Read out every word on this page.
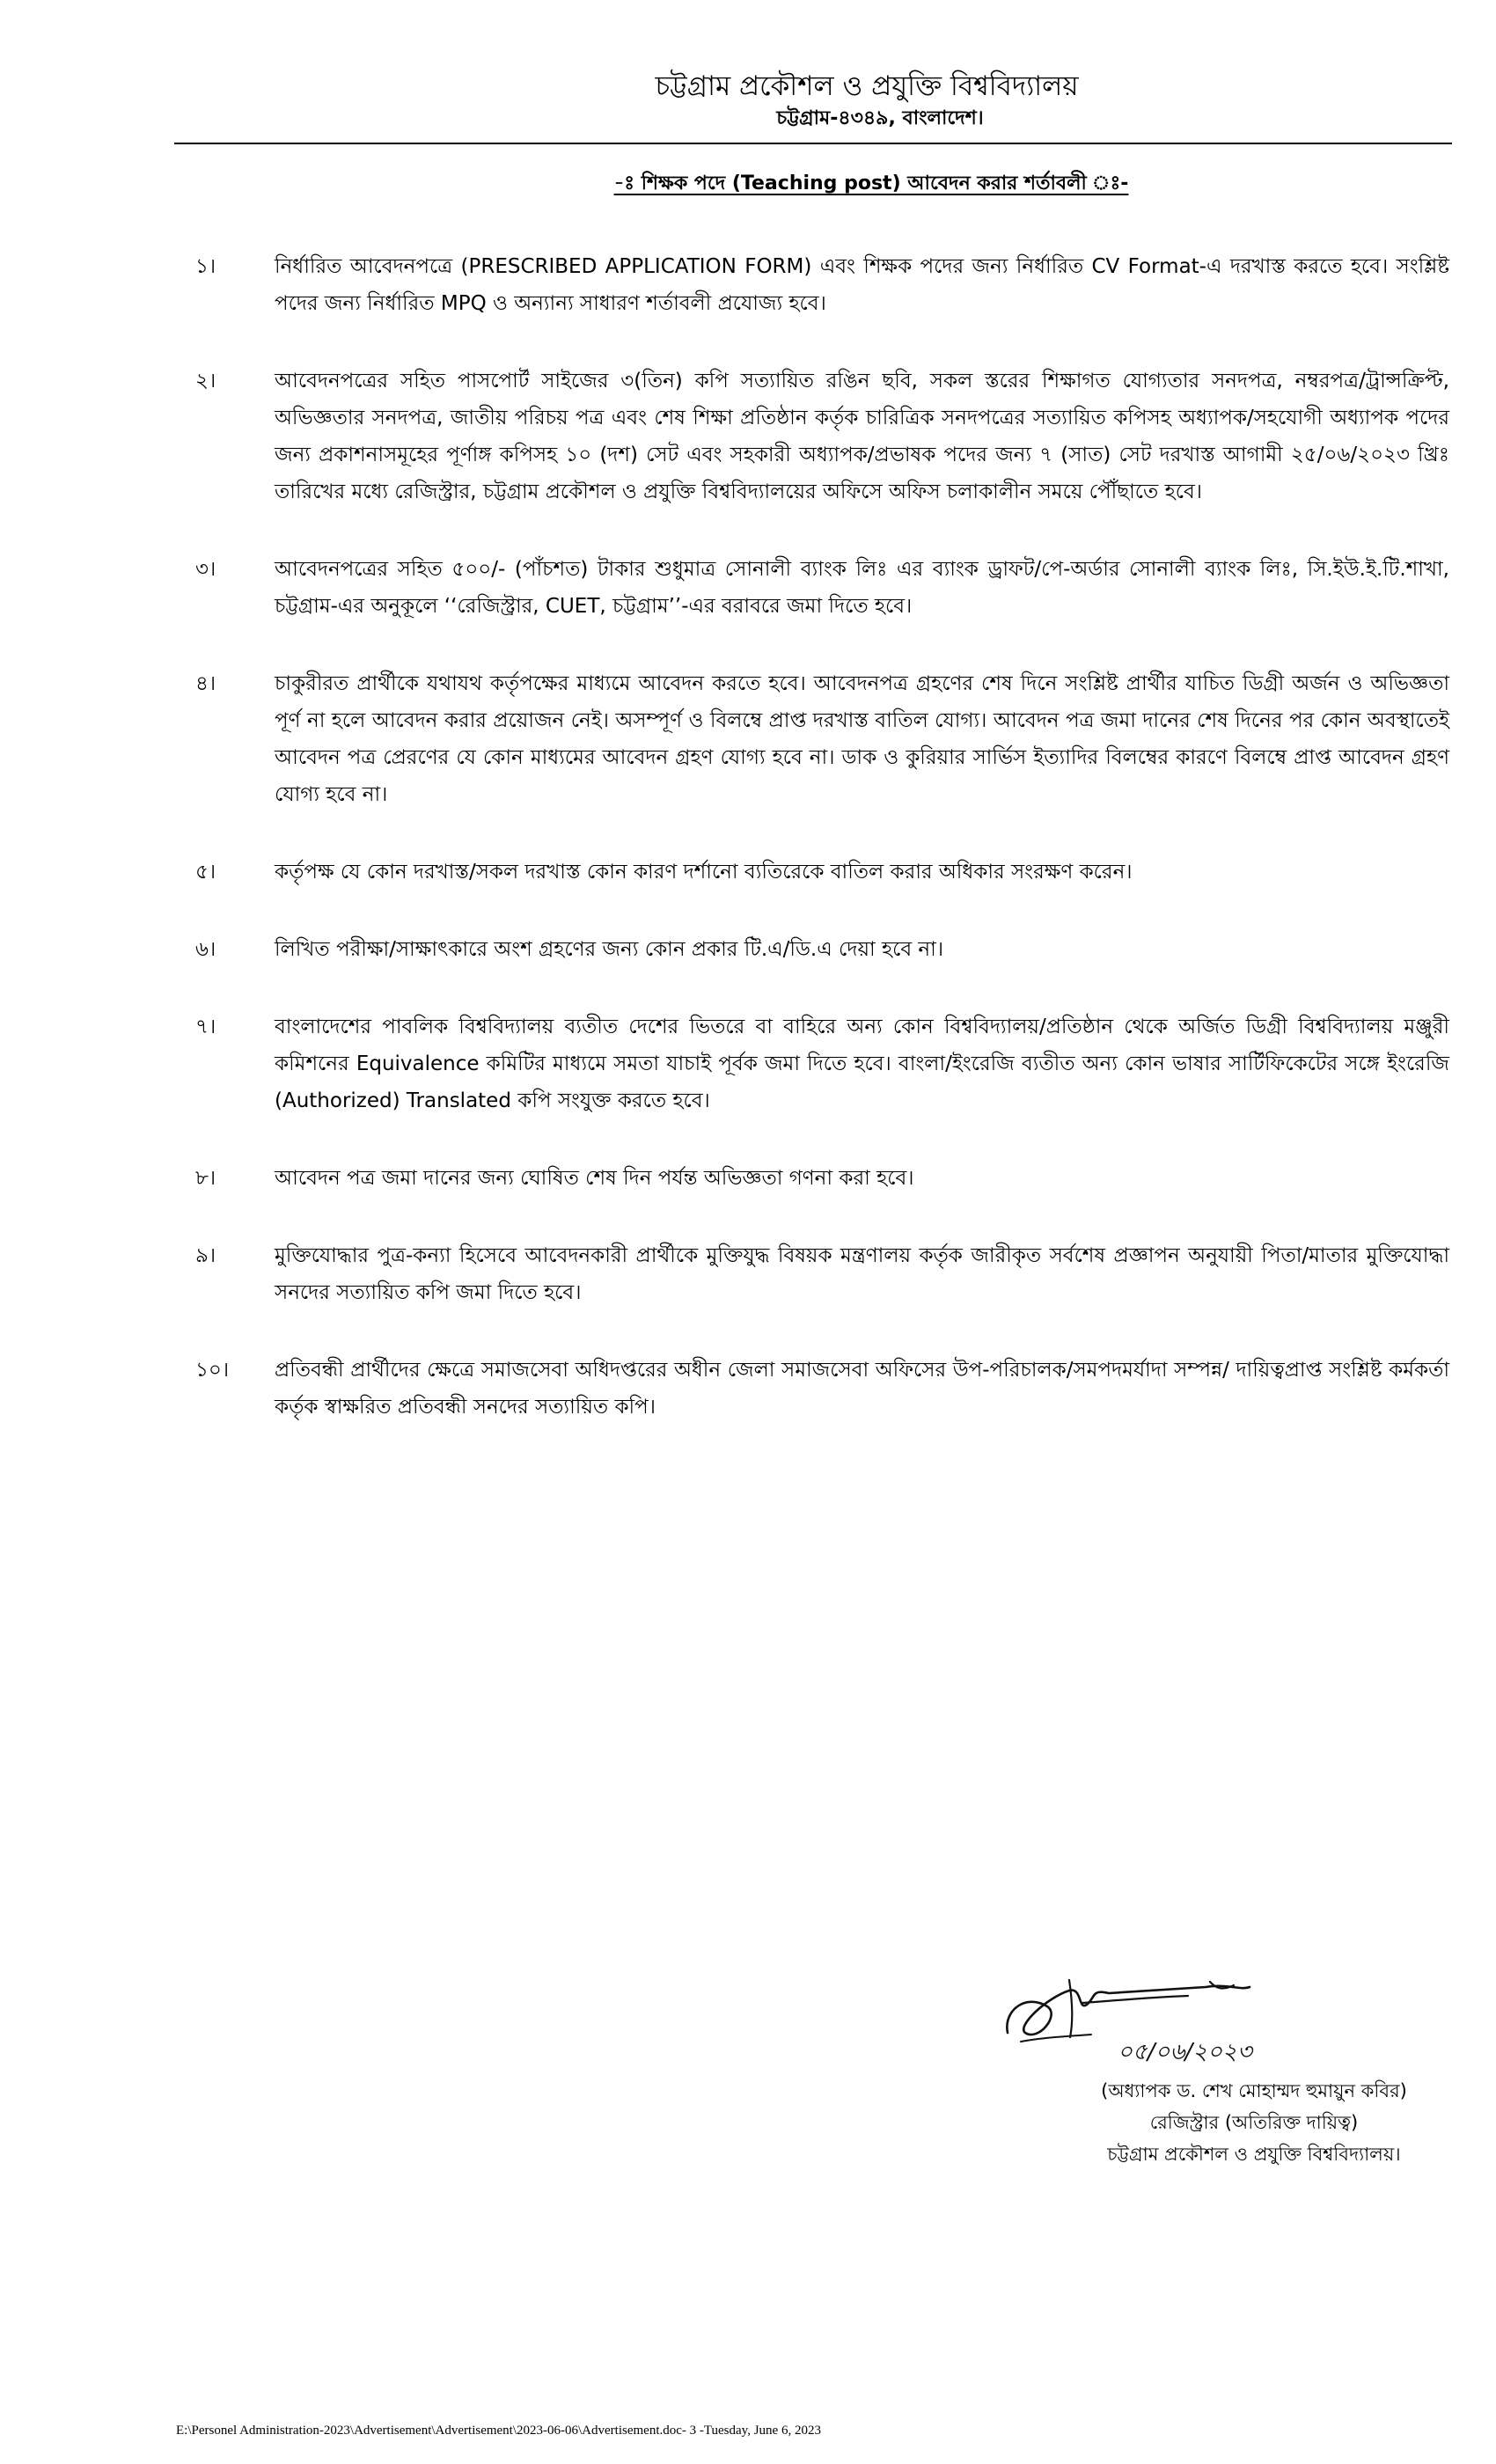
চট্টগ্রাম প্রকৌশল ও প্রযুক্তি বিশ্ববিদ্যালয়
চট্টগ্রাম-৪৩৪৯, বাংলাদেশ।
-ঃ শিক্ষক পদে (Teaching post) আবেদন করার শর্তাবলী ঃ-
১।	নির্ধারিত আবেদনপত্রে (PRESCRIBED APPLICATION FORM) এবং শিক্ষক পদের জন্য নির্ধারিত CV Format-এ দরখাস্ত করতে হবে। সংশ্লিষ্ট পদের জন্য নির্ধারিত MPQ ও অন্যান্য সাধারণ শর্তাবলী প্রযোজ্য হবে।
২।	আবেদনপত্রের সহিত পাসপোর্ট সাইজের ৩(তিন) কপি সত্যায়িত রঙিন ছবি, সকল স্তরের শিক্ষাগত যোগ্যতার সনদপত্র, নম্বরপত্র/ট্রান্সক্রিপ্ট, অভিজ্ঞতার সনদপত্র, জাতীয় পরিচয় পত্র এবং শেষ শিক্ষা প্রতিষ্ঠান কর্তৃক চারিত্রিক সনদপত্রের সত্যায়িত কপিসহ অধ্যাপক/সহযোগী অধ্যাপক পদের জন্য প্রকাশনাসমূহের পূর্ণাঙ্গ কপিসহ ১০ (দশ) সেট এবং সহকারী অধ্যাপক/প্রভাষক পদের জন্য ৭ (সাত) সেট দরখাস্ত আগামী ২৫/০৬/২০২৩ খ্রিঃ তারিখের মধ্যে রেজিস্ট্রার, চট্টগ্রাম প্রকৌশল ও প্রযুক্তি বিশ্ববিদ্যালয়ের অফিসে অফিস চলাকালীন সময়ে পৌঁছাতে হবে।
৩।	আবেদনপত্রের সহিত ৫০০/- (পাঁচশত) টাকার শুধুমাত্র সোনালী ব্যাংক লিঃ এর ব্যাংক ড্রাফট/পে-অর্ডার সোনালী ব্যাংক লিঃ, সি.ইউ.ই.টি.শাখা, চট্টগ্রাম-এর অনুকূলে ‘‘রেজিস্ট্রার, CUET, চট্টগ্রাম’’-এর বরাবরে জমা দিতে হবে।
৪।	চাকুরীরত প্রার্থীকে যথাযথ কর্তৃপক্ষের মাধ্যমে আবেদন করতে হবে। আবেদনপত্র গ্রহণের শেষ দিনে সংশ্লিষ্ট প্রার্থীর যাচিত ডিগ্রী অর্জন ও অভিজ্ঞতা পূর্ণ না হলে আবেদন করার প্রয়োজন নেই। অসম্পূর্ণ ও বিলম্বে প্রাপ্ত দরখাস্ত বাতিল যোগ্য। আবেদন পত্র জমা দানের শেষ দিনের পর কোন অবস্থাতেই আবেদন পত্র প্রেরণের যে কোন মাধ্যমের আবেদন গ্রহণ যোগ্য হবে না। ডাক ও কুরিয়ার সার্ভিস ইত্যাদির বিলম্বের কারণে বিলম্বে প্রাপ্ত আবেদন গ্রহণ যোগ্য হবে না।
৫।	কর্তৃপক্ষ যে কোন দরখাস্ত/সকল দরখাস্ত কোন কারণ দর্শানো ব্যতিরেকে বাতিল করার অধিকার সংরক্ষণ করেন।
৬।	লিখিত পরীক্ষা/সাক্ষাৎকারে অংশ গ্রহণের জন্য কোন প্রকার টি.এ/ডি.এ দেয়া হবে না।
৭।	বাংলাদেশের পাবলিক বিশ্ববিদ্যালয় ব্যতীত দেশের ভিতরে বা বাহিরে অন্য কোন বিশ্ববিদ্যালয়/প্রতিষ্ঠান থেকে অর্জিত ডিগ্রী বিশ্ববিদ্যালয় মঞ্জুরী কমিশনের Equivalence কমিটির মাধ্যমে সমতা যাচাই পূর্বক জমা দিতে হবে। বাংলা/ইংরেজি ব্যতীত অন্য কোন ভাষার সার্টিফিকেটের সঙ্গে ইংরেজি (Authorized) Translated কপি সংযুক্ত করতে হবে।
৮।	আবেদন পত্র জমা দানের জন্য ঘোষিত শেষ দিন পর্যন্ত অভিজ্ঞতা গণনা করা হবে।
৯।	মুক্তিযোদ্ধার পুত্র-কন্যা হিসেবে আবেদনকারী প্রার্থীকে মুক্তিযুদ্ধ বিষয়ক মন্ত্রণালয় কর্তৃক জারীকৃত সর্বশেষ প্রজ্ঞাপন অনুযায়ী পিতা/মাতার মুক্তিযোদ্ধা সনদের সত্যায়িত কপি জমা দিতে হবে।
১০।	প্রতিবন্ধী প্রার্থীদের ক্ষেত্রে সমাজসেবা অধিদপ্তরের অধীন জেলা সমাজসেবা অফিসের উপ-পরিচালক/সমপদমর্যাদা সম্পন্ন/ দায়িত্বপ্রাপ্ত সংশ্লিষ্ট কর্মকর্তা কর্তৃক স্বাক্ষরিত প্রতিবন্ধী সনদের সত্যায়িত কপি।
০৫/০৬/২০২৩
(অধ্যাপক ড. শেখ মোহাম্মদ হুমায়ুন কবির)
রেজিস্ট্রার (অতিরিক্ত দায়িত্ব)
চট্টগ্রাম প্রকৌশল ও প্রযুক্তি বিশ্ববিদ্যালয়।
E:\Personel Administration-2023\Advertisement\Advertisement\2023-06-06\Advertisement.doc- 3 -Tuesday, June 6, 2023
